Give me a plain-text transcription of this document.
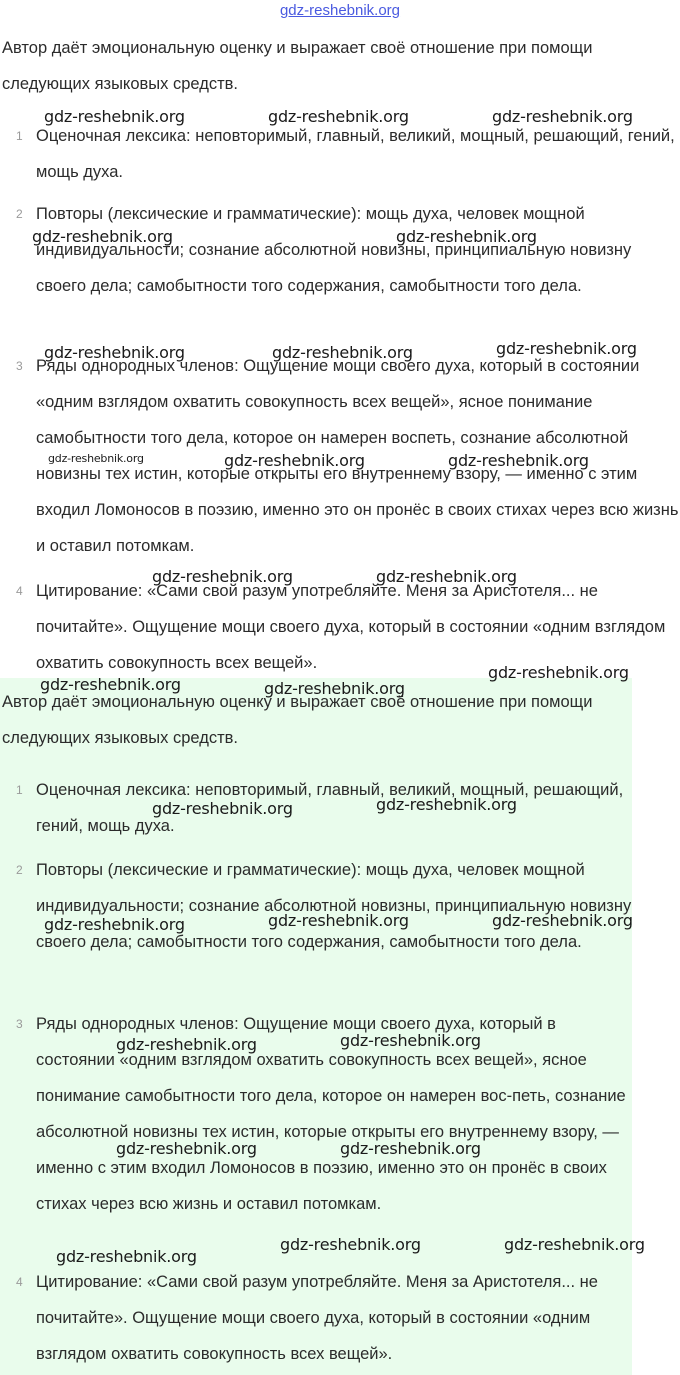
gdz-reshebnik.org

Автор даёт эмоциональную оценку и выражает своё отношение при помощи следующих языковых средств.

1 Оценочная лексика: неповторимый, главный, великий, мощный, решающий, гений, мощь духа.

2 Повторы (лексические и грамматические): мощь духа, человек мощной индивидуальности; сознание абсолютной новизны, принципиальную новизну своего дела; самобытности того содержания, самобытности того дела.

3 Ряды однородных членов: Ощущение мощи своего духа, который в состоянии «одним взглядом охватить совокупность всех вещей», ясное понимание самобытности того дела, которое он намерен воспеть, сознание абсолютной новизны тех истин, которые открыты его внутреннему взору, — именно с этим входил Ломоносов в поэзию, именно это он пронёс в своих стихах через всю жизнь и оставил потомкам.

4 Цитирование: «Сами свой разум употребляйте. Меня за Аристотеля... не почитайте». Ощущение мощи своего духа, который в состоянии «одним взглядом охватить совокупность всех вещей».

Автор даёт эмоциональную оценку и выражает своё отношение при помощи следующих языковых средств.

1 Оценочная лексика: неповторимый, главный, великий, мощный, решающий, гений, мощь духа.

2 Повторы (лексические и грамматические): мощь духа, человек мощной индивидуальности; сознание абсолютной новизны, принципиальную новизну своего дела; самобытности того содержания, самобытности того дела.

3 Ряды однородных членов: Ощущение мощи своего духа, который в состоянии «одним взглядом охватить совокупность всех вещей», ясное понимание самобытности того дела, которое он намерен вос-петь, сознание абсолютной новизны тех истин, которые открыты его внутреннему взору, — именно с этим входил Ломоносов в поэзию, именно это он пронёс в своих стихах через всю жизнь и оставил потомкам.

4 Цитирование: «Сами свой разум употребляйте. Меня за Аристотеля... не почитайте». Ощущение мощи своего духа, который в состоянии «одним взглядом охватить совокупность всех вещей».

gdz-reshebnik.org	gdz-reshebnik.org	gdz-reshebnik.org
gdz-reshebnik.org	gdz-reshebnik.org
gdz-reshebnik.org	gdz-reshebnik.org	gdz-reshebnik.org
gdz-reshebnik.org	gdz-reshebnik.org	gdz-reshebnik.org
gdz-reshebnik.org	gdz-reshebnik.org
gdz-reshebnik.org
gdz-reshebnik.org	gdz-reshebnik.org
gdz-reshebnik.org	gdz-reshebnik.org
gdz-reshebnik.org	gdz-reshebnik.org	gdz-reshebnik.org
gdz-reshebnik.org	gdz-reshebnik.org
gdz-reshebnik.org	gdz-reshebnik.org
gdz-reshebnik.org
gdz-reshebnik.org	gdz-reshebnik.org
